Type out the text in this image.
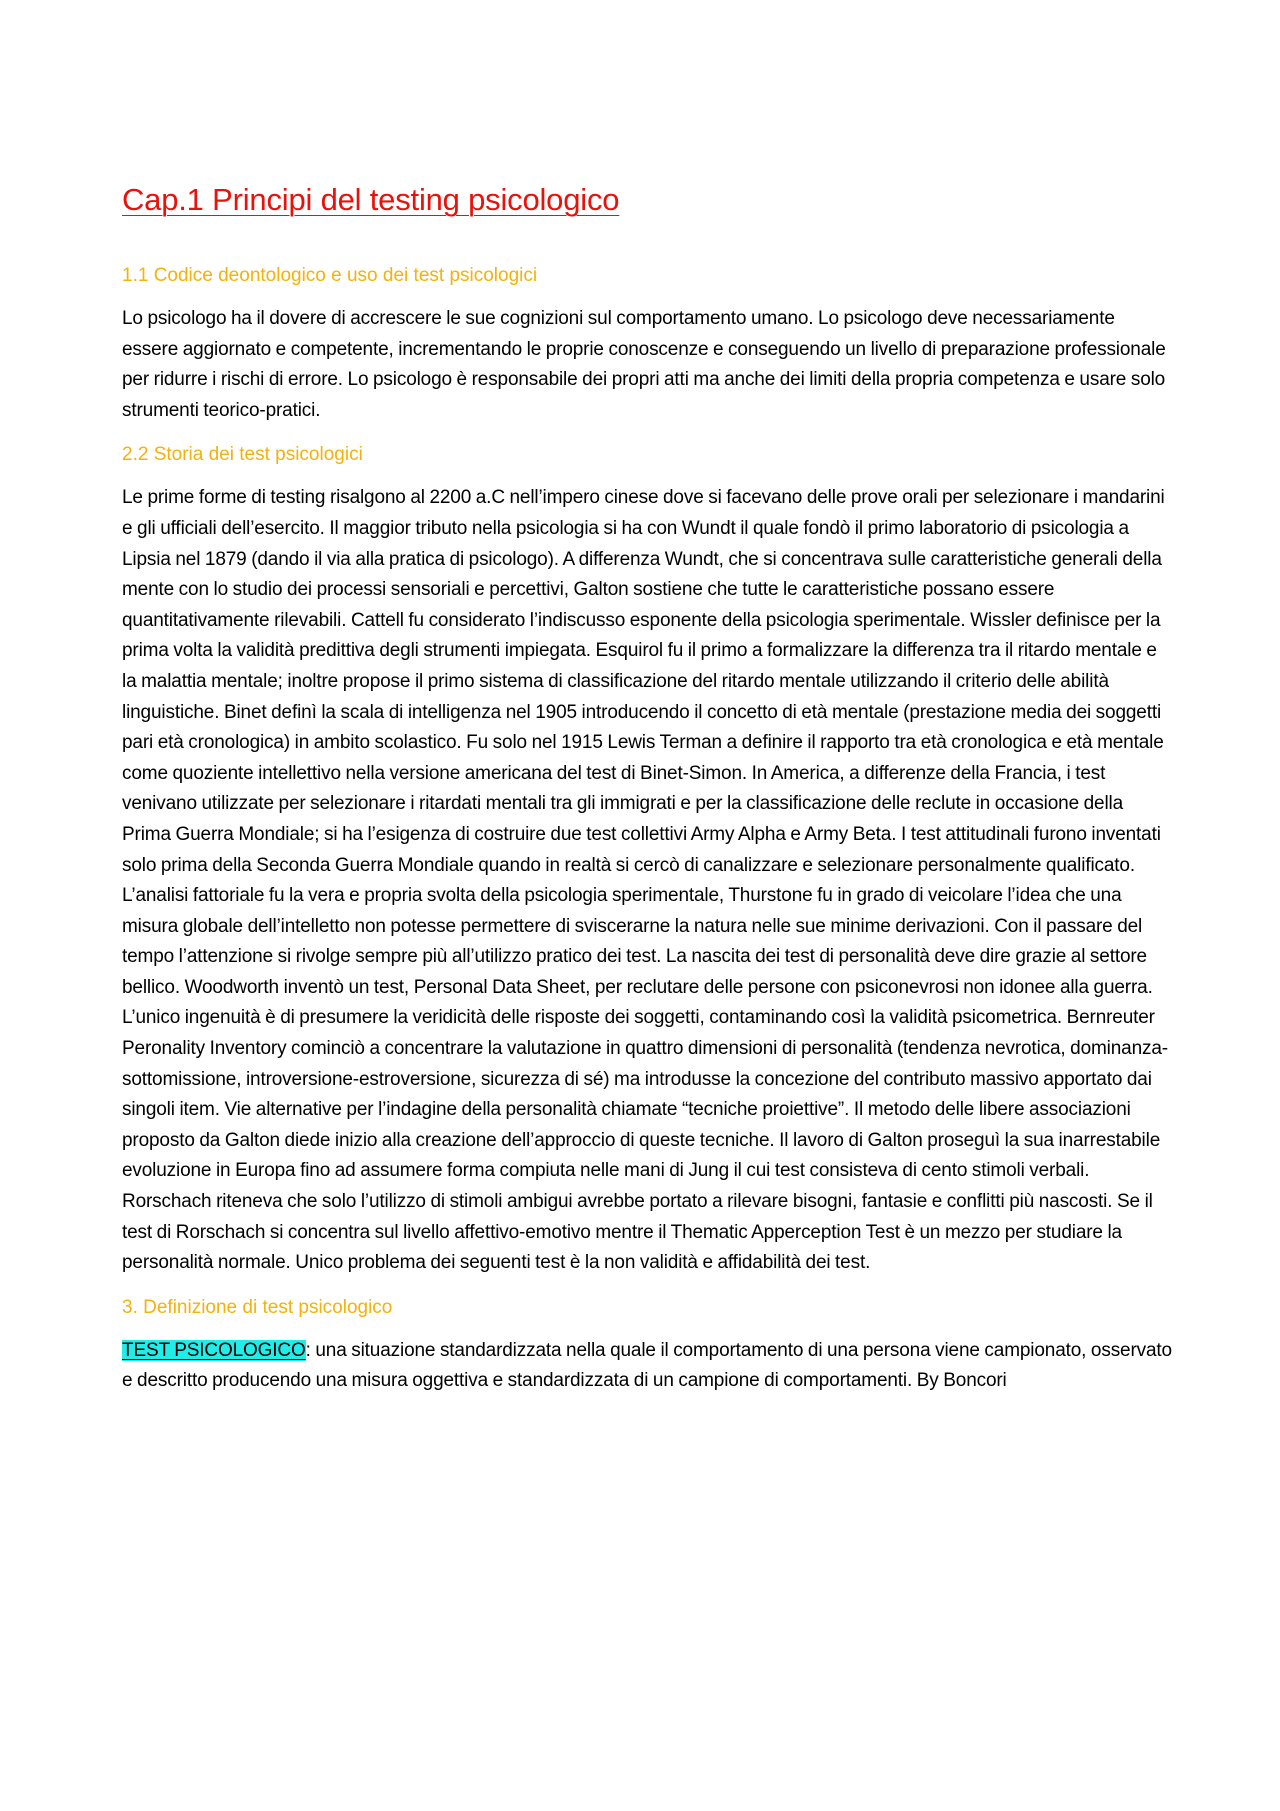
Cap.1 Principi del testing psicologico
1.1 Codice deontologico e uso dei test psicologici

Lo psicologo ha il dovere di accrescere le sue cognizioni sul comportamento umano. Lo psicologo deve necessariamente essere aggiornato e competente, incrementando le proprie conoscenze e conseguendo un livello di preparazione professionale per ridurre i rischi di errore. Lo psicologo è responsabile dei propri atti ma anche dei limiti della propria competenza e usare solo strumenti teorico-pratici.

2.2 Storia dei test psicologici

Le prime forme di testing risalgono al 2200 a.C nell’impero cinese dove si facevano delle prove orali per selezionare i mandarini e gli ufficiali dell’esercito. Il maggior tributo nella psicologia si ha con Wundt il quale fondò il primo laboratorio di psicologia a Lipsia nel 1879 (dando il via alla pratica di psicologo). A differenza Wundt, che si concentrava sulle caratteristiche generali della mente con lo studio dei processi sensoriali e percettivi, Galton sostiene che tutte le caratteristiche possano essere quantitativamente rilevabili. Cattell fu considerato l’indiscusso esponente della psicologia sperimentale. Wissler definisce per la prima volta la validità predittiva degli strumenti impiegata. Esquirol fu il primo a formalizzare la differenza tra il ritardo mentale e la malattia mentale; inoltre propose il primo sistema di classificazione del ritardo mentale utilizzando il criterio delle abilità linguistiche. Binet definì la scala di intelligenza nel 1905 introducendo il concetto di età mentale (prestazione media dei soggetti pari età cronologica) in ambito scolastico. Fu solo nel 1915 Lewis Terman a definire il rapporto tra età cronologica e età mentale come quoziente intellettivo nella versione americana del test di Binet-Simon. In America, a differenze della Francia, i test venivano utilizzate per selezionare i ritardati mentali tra gli immigrati e per la classificazione delle reclute in occasione della Prima Guerra Mondiale; si ha l’esigenza di costruire due test collettivi Army Alpha e Army Beta. I test attitudinali furono inventati solo prima della Seconda Guerra Mondiale quando in realtà si cercò di canalizzare e selezionare personalmente qualificato. L’analisi fattoriale fu la vera e propria svolta della psicologia sperimentale, Thurstone fu in grado di veicolare l’idea che una misura globale dell’intelletto non potesse permettere di sviscerarne la natura nelle sue minime derivazioni. Con il passare del tempo l’attenzione si rivolge sempre più all’utilizzo pratico dei test. La nascita dei test di personalità deve dire grazie al settore bellico. Woodworth inventò un test, Personal Data Sheet, per reclutare delle persone con psiconevrosi non idonee alla guerra. L’unico ingenuità è di presumere la veridicità delle risposte dei soggetti, contaminando così la validità psicometrica. Bernreuter Peronality Inventory cominciò a concentrare la valutazione in quattro dimensioni di personalità (tendenza nevrotica, dominanza-sottomissione, introversione-estroversione, sicurezza di sé) ma introdusse la concezione del contributo massivo apportato dai singoli item. Vie alternative per l’indagine della personalità chiamate “tecniche proiettive”. Il metodo delle libere associazioni proposto da Galton diede inizio alla creazione dell’approccio di queste tecniche. Il lavoro di Galton proseguì la sua inarrestabile evoluzione in Europa fino ad assumere forma compiuta nelle mani di Jung il cui test consisteva di cento stimoli verbali. Rorschach riteneva che solo l’utilizzo di stimoli ambigui avrebbe portato a rilevare bisogni, fantasie e conflitti più nascosti. Se il test di Rorschach si concentra sul livello affettivo-emotivo mentre il Thematic Apperception Test è un mezzo per studiare la personalità normale. Unico problema dei seguenti test è la non validità e affidabilità dei test.

3. Definizione di test psicologico

TEST PSICOLOGICO: una situazione standardizzata nella quale il comportamento di una persona viene campionato, osservato e descritto producendo una misura oggettiva e standardizzata di un campione di comportamenti. By Boncori
